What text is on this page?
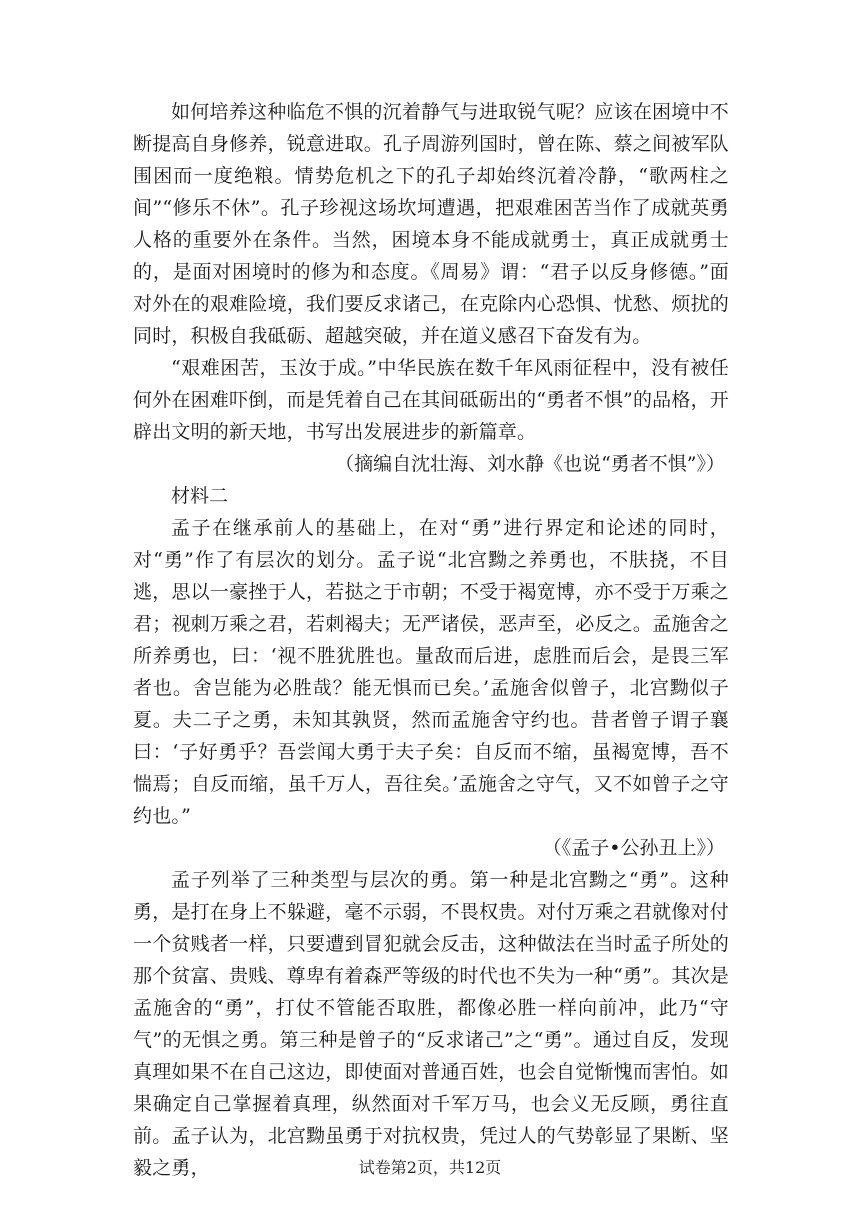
如何培养这种临危不惧的沉着静气与进取锐气呢？应该在困境中不断提高自身修养，锐意进取。孔子周游列国时，曾在陈、蔡之间被军队围困而一度绝粮。情势危机之下的孔子却始终沉着冷静，“歌两柱之间”“修乐不休”。孔子珍视这场坎坷遭遇，把艰难困苦当作了成就英勇人格的重要外在条件。当然，困境本身不能成就勇士，真正成就勇士的，是面对困境时的修为和态度。《周易》谓：“君子以反身修德。”面对外在的艰难险境，我们要反求诸己，在克除内心恐惧、忧愁、烦扰的同时，积极自我砥砺、超越突破，并在道义感召下奋发有为。

“艰难困苦，玉汝于成。”中华民族在数千年风雨征程中，没有被任何外在困难吓倒，而是凭着自己在其间砥砺出的“勇者不惧”的品格，开辟出文明的新天地，书写出发展进步的新篇章。

（摘编自沈壮海、刘水静《也说“勇者不惧”》）

材料二

孟子在继承前人的基础上，在对“勇”进行界定和论述的同时，对“勇”作了有层次的划分。孟子说“北宫黝之养勇也，不肤挠，不目逃，思以一豪挫于人，若挞之于市朝；不受于褐宽博，亦不受于万乘之君；视刺万乘之君，若刺褐夫；无严诸侯，恶声至，必反之。孟施舍之所养勇也，曰：‘视不胜犹胜也。量敌而后进，虑胜而后会，是畏三军者也。舍岂能为必胜哉？能无惧而已矣。’孟施舍似曾子，北宫黝似子夏。夫二子之勇，未知其孰贤，然而孟施舍守约也。昔者曾子谓子襄曰：‘子好勇乎？吾尝闻大勇于夫子矣：自反而不缩，虽褐宽博，吾不惴焉；自反而缩，虽千万人，吾往矣。’孟施舍之守气，又不如曾子之守约也。”

（《孟子•公孙丑上》）

孟子列举了三种类型与层次的勇。第一种是北宫黝之“勇”。这种勇，是打在身上不躲避，毫不示弱，不畏权贵。对付万乘之君就像对付一个贫贱者一样，只要遭到冒犯就会反击，这种做法在当时孟子所处的那个贫富、贵贱、尊卑有着森严等级的时代也不失为一种“勇”。其次是孟施舍的“勇”，打仗不管能否取胜，都像必胜一样向前冲，此乃“守气”的无惧之勇。第三种是曾子的“反求诸己”之“勇”。通过自反，发现真理如果不在自己这边，即使面对普通百姓，也会自觉惭愧而害怕。如果确定自己掌握着真理，纵然面对千军万马，也会义无反顾，勇往直前。孟子认为，北宫黝虽勇于对抗权贵，凭过人的气势彰显了果断、坚毅之勇，	试卷第2页，共12页
